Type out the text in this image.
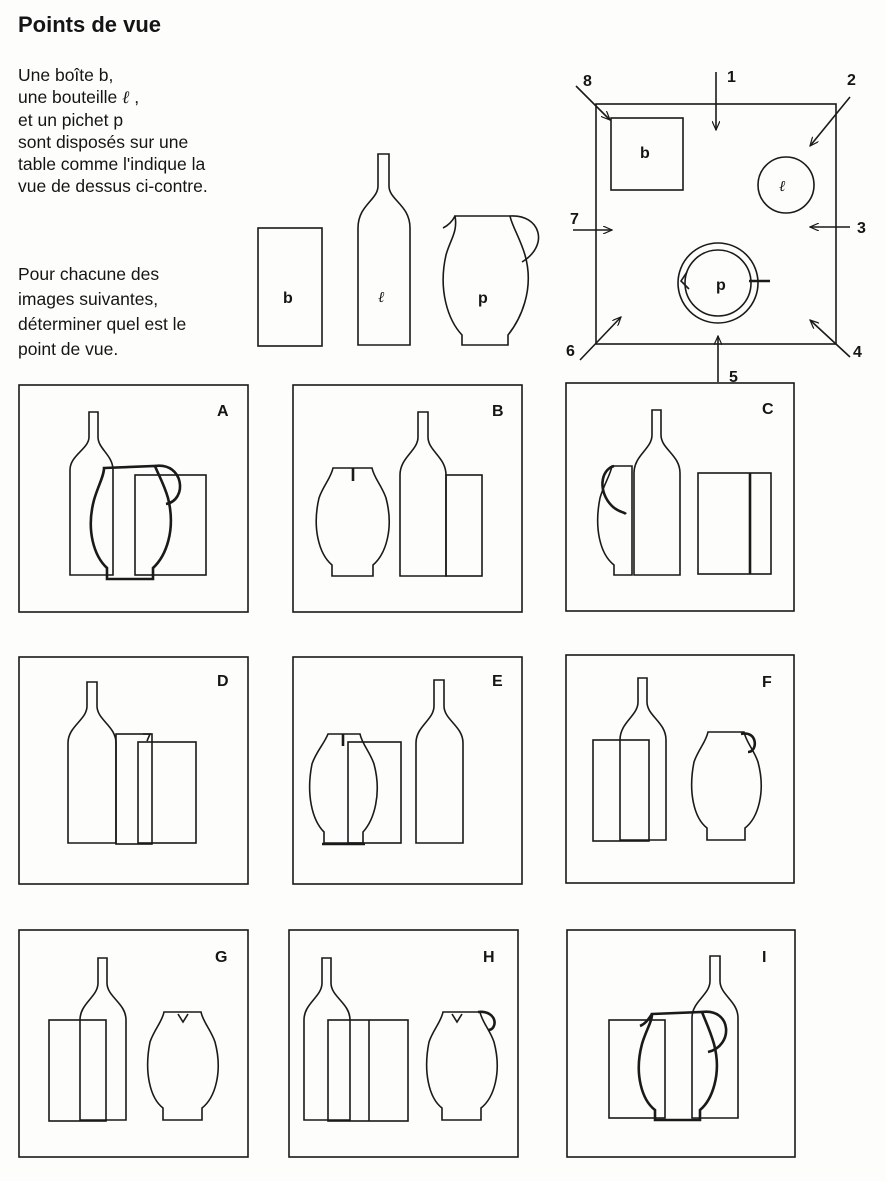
Points de vue
Une boîte b,
une bouteille ℓ ,
et un pichet p
sont disposés sur une
table comme l'indique la
vue de dessus ci-contre.
Pour chacune des
images suivantes,
déterminer quel est le
point de vue.
b	ℓ	p
b
ℓ
p
1	2
3
4
5
6
7
8
A	B	C
D	E	F
G	H	I
